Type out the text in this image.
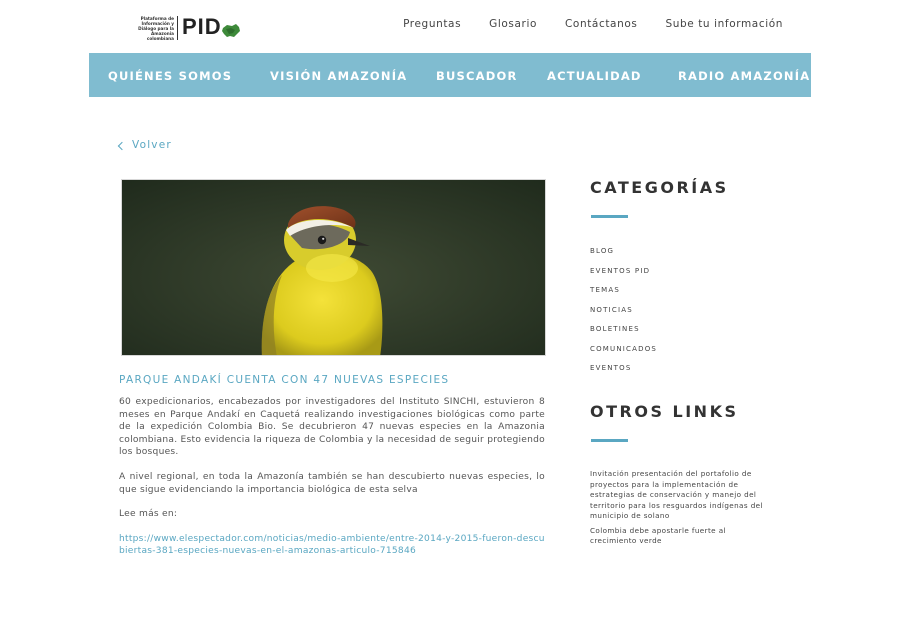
Plataforma de Información y Diálogo para la Amazonia colombiana PID	Preguntas	Glosario	Contáctanos	Sube tu información
QUIÉNES SOMOS	VISIÓN AMAZONÍA BUSCADOR	ACTUALIDAD	RADIO AMAZONÍA
Volver
PARQUE ANDAKÍ CUENTA CON 47 NUEVAS ESPECIES

60 expedicionarios, encabezados por investigadores del Instituto SINCHI, estuvieron 8 meses en Parque Andakí en Caquetá realizando investigaciones biológicas como parte de la expedición Colombia Bio. Se decubrieron 47 nuevas especies en la Amazonia colombiana. Esto evidencia la riqueza de Colombia y la necesidad de seguir protegiendo los bosques.

A nivel regional, en toda la Amazonía también se han descubierto nuevas especies, lo que sigue evidenciando la importancia biológica de esta selva

Lee más en:

https://www.elespectador.com/noticias/medio-ambiente/entre-2014-y-2015-fueron-descubiertas-381-especies-nuevas-en-el-amazonas-articulo-715846
CATEGORÍAS
BLOG
EVENTOS PID
TEMAS
NOTICIAS
BOLETINES
COMUNICADOS
EVENTOS
OTROS LINKS
Invitación presentación del portafolio de proyectos para la implementación de estrategias de conservación y manejo del territorio para los resguardos indígenas del municipio de solano
Colombia debe apostarle fuerte al crecimiento verde
